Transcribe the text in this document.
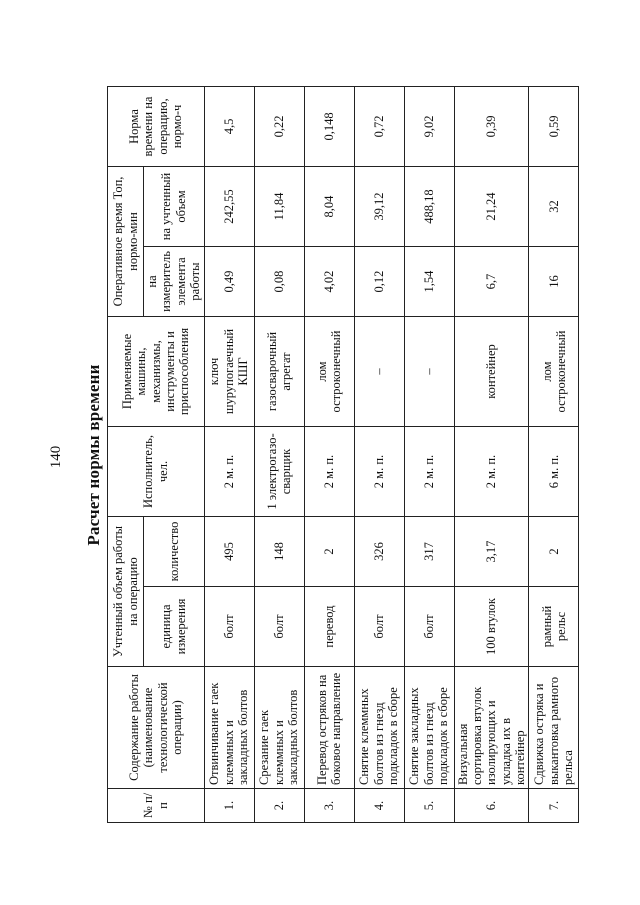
140 Расчет нормы времени
№ п/п	Содержание работы (наименование технологической операции)	Учтенный объем работы на операцию		Исполнитель, чел.	Применяемые машины, механизмы, инструменты и приспособления	Оперативное время Топ, нормо-мин		Норма времени на операцию, нормо-ч
		единица измерения	количество			на измеритель элемента работы	на учтенный объем	
1.	Отвинчивание гаек клеммных и закладных болтов	болт	495	2 м. п.	ключ шурупогаечный КШГ	0,49	242,55	4,5
2.	Срезание гаек клеммных и закладных болтов	болт	148	1 электрогазо-сварщик	газосварочный агрегат	0,08	11,84	0,22
3.	Перевод остряков на боковое направление	перевод	2	2 м. п.	лом остроконечный	4,02	8,04	0,148
4.	Снятие клеммных болтов из гнезд подкладок в сборе	болт	326	2 м. п.	–	0,12	39,12	0,72
5.	Снятие закладных болтов из гнезд подкладок в сборе	болт	317	2 м. п.	–	1,54	488,18	9,02
6.	Визуальная сортировка втулок изолирующих и укладка их в контейнер	100 втулок	3,17	2 м. п.	контейнер	6,7	21,24	0,39
7.	Сдвижка остряка и выкантовка рамного рельса	рамный рельс	2	6 м. п.	лом остроконечный	16	32	0,59
